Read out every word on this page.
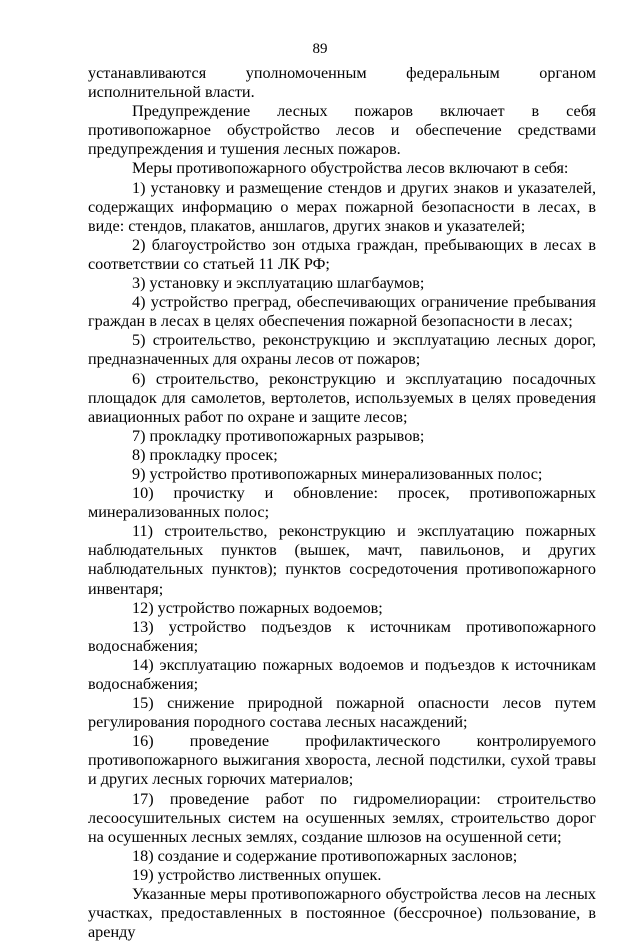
89

устанавливаются уполномоченным федеральным органом исполнительной власти.

Предупреждение лесных пожаров включает в себя противопожарное обустройство лесов и обеспечение средствами предупреждения и тушения лесных пожаров.

Меры противопожарного обустройства лесов включают в себя:

1) установку и размещение стендов и других знаков и указателей, содержащих информацию о мерах пожарной безопасности в лесах, в виде: стендов, плакатов, аншлагов, других знаков и указателей;

2) благоустройство зон отдыха граждан, пребывающих в лесах в соответствии со статьей 11 ЛК РФ;

3) установку и эксплуатацию шлагбаумов;

4) устройство преград, обеспечивающих ограничение пребывания граждан в лесах в целях обеспечения пожарной безопасности в лесах;

5) строительство, реконструкцию и эксплуатацию лесных дорог, предназначенных для охраны лесов от пожаров;

6) строительство, реконструкцию и эксплуатацию посадочных площадок для самолетов, вертолетов, используемых в целях проведения авиационных работ по охране и защите лесов;

7) прокладку противопожарных разрывов;

8) прокладку просек;

9) устройство противопожарных минерализованных полос;

10) прочистку и обновление: просек, противопожарных минерализованных полос;

11) строительство, реконструкцию и эксплуатацию пожарных наблюдательных пунктов (вышек, мачт, павильонов, и других наблюдательных пунктов); пунктов сосредоточения противопожарного инвентаря;

12) устройство пожарных водоемов;

13) устройство подъездов к источникам противопожарного водоснабжения;

14) эксплуатацию пожарных водоемов и подъездов к источникам водоснабжения;

15) снижение природной пожарной опасности лесов путем регулирования породного состава лесных насаждений;

16) проведение профилактического контролируемого противопожарного выжигания хвороста, лесной подстилки, сухой травы и других лесных горючих материалов;

17) проведение работ по гидромелиорации: строительство лесоосушительных систем на осушенных землях, строительство дорог на осушенных лесных землях, создание шлюзов на осушенной сети;

18) создание и содержание противопожарных заслонов;

19) устройство лиственных опушек.

Указанные меры противопожарного обустройства лесов на лесных участках, предоставленных в постоянное (бессрочное) пользование, в аренду
